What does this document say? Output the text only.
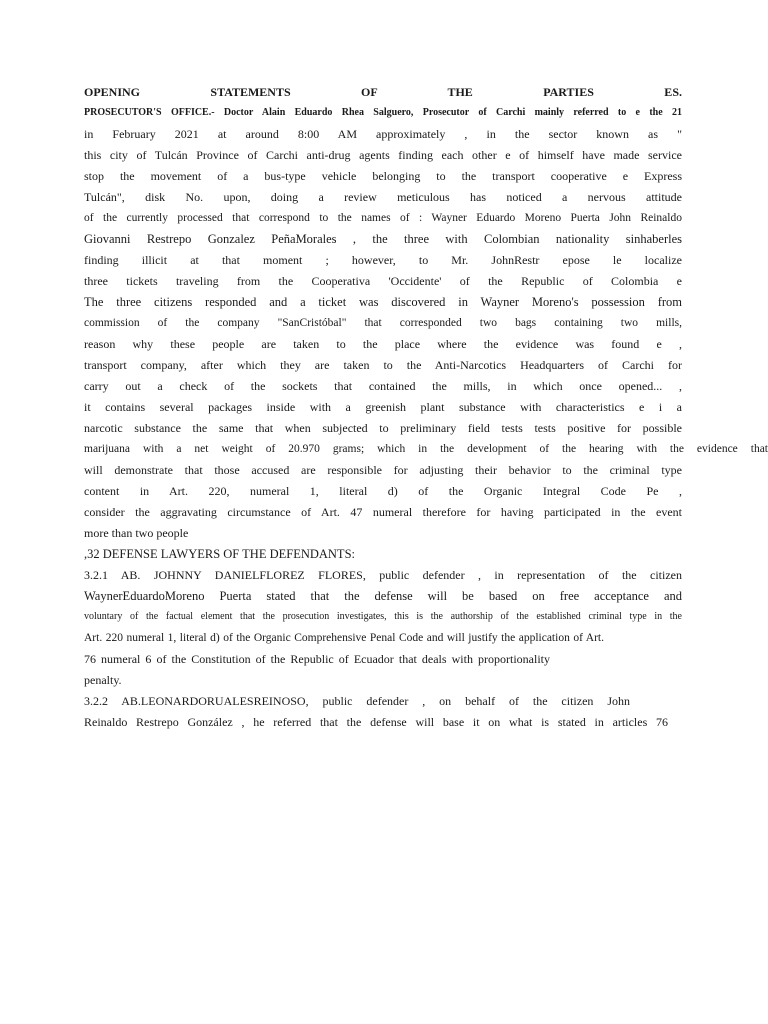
OPENING STATEMENTS OF THE PARTIES ES.
PROSECUTOR'S OFFICE.- Doctor Alain Eduardo Rhea Salguero, Prosecutor of Carchi mainly referred to e the 21
in February 2021 at around 8:00 AM approximately , in the sector known as "
this city of Tulcán Province of Carchi anti-drug agents finding each other e of himself have made service
stop the movement of a bus-type vehicle belonging to the transport cooperative e Express
Tulcán", disk No. upon, doing a review meticulous has noticed a nervous attitude
of the currently processed that correspond to the names of : Wayner Eduardo Moreno Puerta John Reinaldo
Giovanni Restrepo Gonzalez PeñaMorales , the three with Colombian nationality sinhaberles
finding illicit at that moment ; however, to Mr. JohnRestr epose le localize
three tickets traveling from the Cooperativa 'Occidente' of the Republic of Colombia e
The three citizens responded and a ticket was discovered in Wayner Moreno's possession from
commission of the company "SanCristóbal" that corresponded two bags containing two mills,
reason why these people are taken to the place where the evidence was found e ,
transport company, after which they are taken to the Anti-Narcotics Headquarters of Carchi for
carry out a check of the sockets that contained the mills, in which once opened... ,
it contains several packages inside with a greenish plant substance with characteristics e i a
narcotic substance the same that when subjected to preliminary field tests tests positive for possible
marijuana with a net weight of 20.970 grams; which in the development of the hearing with the evidence that
will demonstrate that those accused are responsible for adjusting their behavior to the criminal type
content in Art. 220, numeral 1, literal d) of the Organic Integral Code Pe ,
consider the aggravating circumstance of Art. 47 numeral therefore for having participated in the event
more than two people
,32 DEFENSE LAWYERS OF THE DEFENDANTS:
3.2.1 AB. JOHNNY DANIELFLOREZ FLORES, public defender , in representation of the citizen
WaynerEduardoMoreno Puerta stated that the defense will be based on free acceptance and
voluntary of the factual element that the prosecution investigates, this is the authorship of the established criminal type in the
Art. 220 numeral 1, literal d) of the Organic Comprehensive Penal Code and will justify the application of Art.
76 numeral 6 of the Constitution of the Republic of Ecuador that deals with proportionality
penalty.
3.2.2 AB.LEONARDORUALESREINOSO, public defender , on behalf of the citizen John
Reinaldo Restrepo González , he referred that the defense will base it on what is stated in articles 76
